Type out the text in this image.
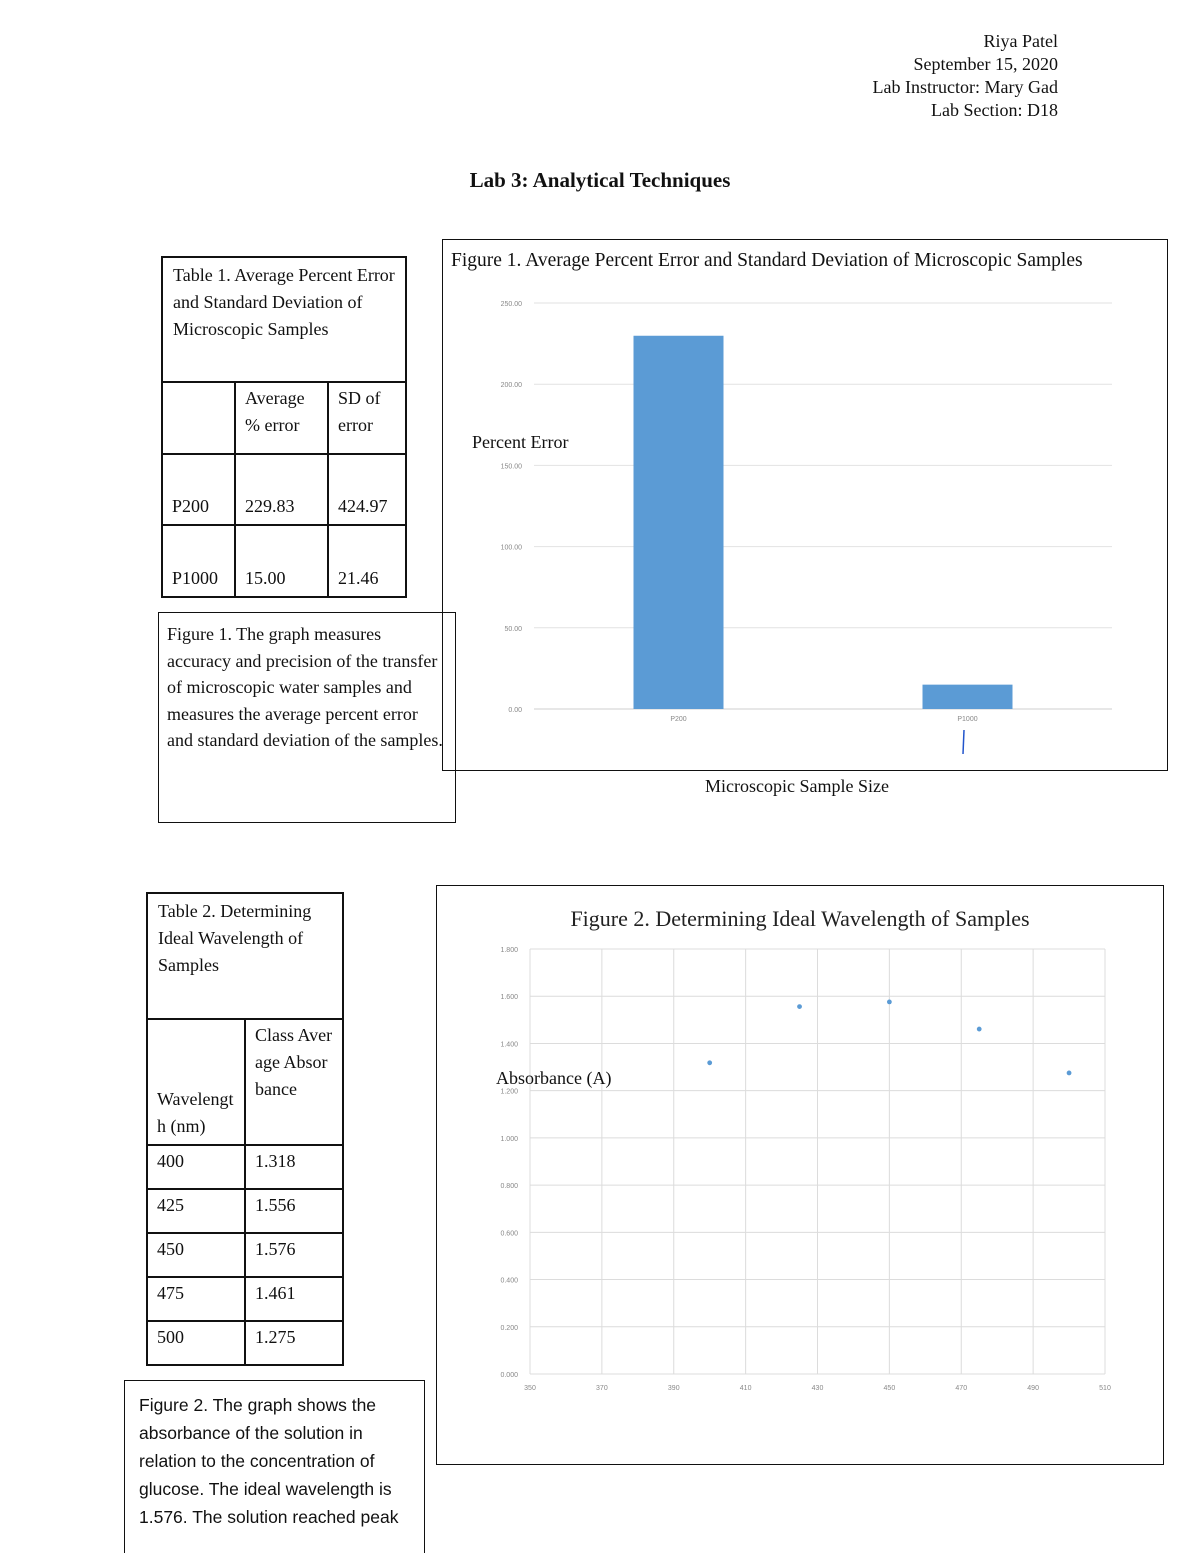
Riya Patel
September 15, 2020
Lab Instructor: Mary Gad
Lab Section: D18
Lab 3: Analytical Techniques
Table 1. Average Percent Error and Standard Deviation of Microscopic Samples		
	Average % error	SD of error
P200	229.83	424.97
P1000	15.00	21.46
Figure 1. The graph measures accuracy and precision of the transfer of microscopic water samples and measures the average percent error and standard deviation of the samples.
Figure 1. Average Percent Error and Standard Deviation of Microscopic Samples
0.00
50.00
100.00
150.00
200.00
250.00
P200	P1000
Percent Error
Microscopic Sample Size
Table 2. Determining Ideal Wavelength of Samples	
Wavelength (nm)	Class Average Absorbance
400	1.318
425	1.556
450	1.576
475	1.461
500	1.275
Figure 2. The graph shows the absorbance of the solution in relation to the concentration of glucose. The ideal wavelength is 1.576. The solution reached peak
Figure 2. Determining Ideal Wavelength of Samples
0.000
0.200
0.400
0.600
0.800
1.000
1.200
1.400
1.600
1.800
350	370	390	410	430	450	470	490	510
Absorbance (A)
